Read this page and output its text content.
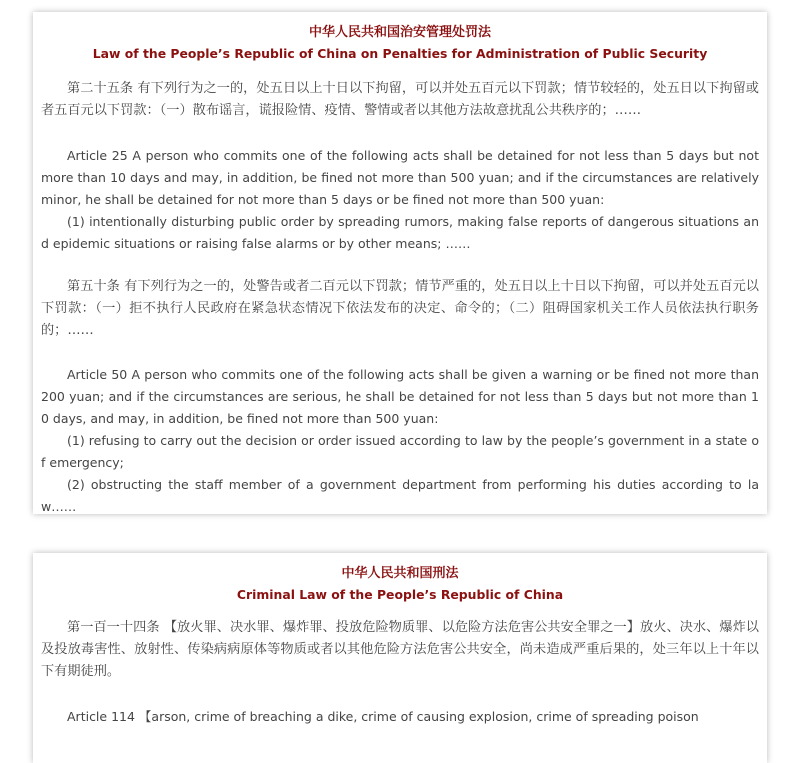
中华人民共和国治安管理处罚法

Law of the People’s Republic of China on Penalties for Administration of Public Security

第二十五条 有下列行为之一的，处五日以上十日以下拘留，可以并处五百元以下罚款；情节较轻的，处五日以下拘留或者五百元以下罚款：（一）散布谣言，谎报险情、疫情、警情或者以其他方法故意扰乱公共秩序的；……

Article 25 A person who commits one of the following acts shall be detained for not less than 5 days but not more than 10 days and may, in addition, be fined not more than 500 yuan; and if the circumstances are relatively minor, he shall be detained for not more than 5 days or be fined not more than 500 yuan:

(1) intentionally disturbing public order by spreading rumors, making false reports of dangerous situations and epidemic situations or raising false alarms or by other means; ……

第五十条 有下列行为之一的，处警告或者二百元以下罚款；情节严重的，处五日以上十日以下拘留，可以并处五百元以下罚款：（一）拒不执行人民政府在紧急状态情况下依法发布的决定、命令的；（二）阻碍国家机关工作人员依法执行职务的；……

Article 50 A person who commits one of the following acts shall be given a warning or be fined not more than 200 yuan; and if the circumstances are serious, he shall be detained for not less than 5 days but not more than 10 days, and may, in addition, be fined not more than 500 yuan:

(1) refusing to carry out the decision or order issued according to law by the people’s government in a state of emergency;

(2) obstructing the staff member of a government department from performing his duties according to law……

中华人民共和国刑法

Criminal Law of the People’s Republic of China

第一百一十四条 【放火罪、决水罪、爆炸罪、投放危险物质罪、以危险方法危害公共安全罪之一】放火、决水、爆炸以及投放毒害性、放射性、传染病病原体等物质或者以其他危险方法危害公共安全，尚未造成严重后果的，处三年以上十年以下有期徒刑。

Article 114 【arson, crime of breaching a dike, crime of causing explosion, crime of spreading poison
